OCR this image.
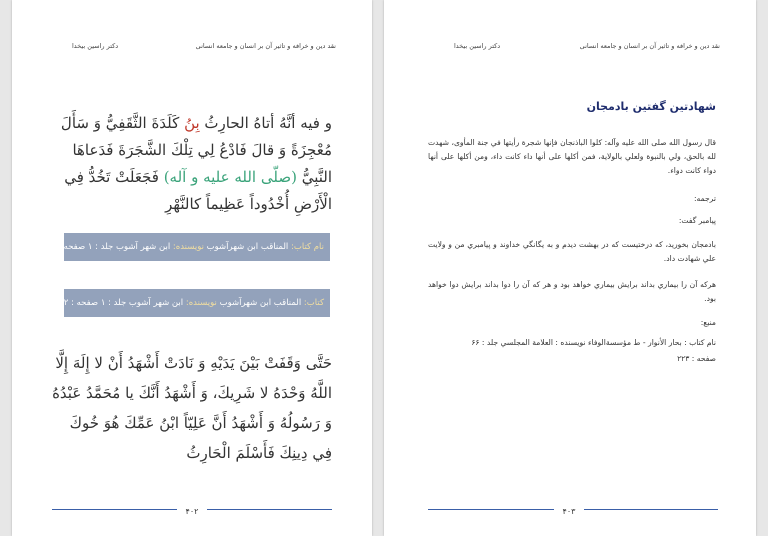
نقد دين و خرافه و تاثير آن بر انسان و جامعه انسانی
دكتر راسين بيخدا
و فيه أنَّهُ أتاهُ الحارِثُ بِنُ كَلَدَةَ الثَّقَفِيُّ وَ سَأَلَ مُعْجِزَةً وَ قالَ فَادْعُ لِي تِلْكَ الشَّجَرَةَ فَدَعاهَا النَّبِيُّ (صلّى الله عليه و آله) فَجَعَلَتْ تَخُدُّ فِي الْأَرْضِ أُخْدُوداً عَظِيماً كالنَّهْرِ
نام کتاب: المناقب ابن شهرآشوب نويسنده: ابن شهر آشوب جلد : ۱ صفحه : ۹۲
کتاب: المناقب ابن شهرآشوب نويسنده: ابن شهر آشوب جلد : ۱ صفحه : ۹۲
حَتَّى وَقَفَتْ بَيْنَ يَدَيْهِ وَ نَادَتْ أَشْهَدُ أَنْ لا إِلَهَ إِلَّا اللَّهُ وَحْدَهُ لا شَرِيكَ، وَ أَشْهَدُ أَنَّكَ يا مُحَمَّدُ عَبْدُهُ وَ رَسُولُهُ وَ أَشْهَدُ أَنَّ عَلِيّاً ابْنُ عَمِّكَ هُوَ خُوكَ فِي دِينِكَ فَأَسْلَمَ الْحَارِثُ
۴۰۲
نقد دين و خرافه و تاثير آن بر انسان و جامعه انسانی
دكتر راسين بيخدا
شهادتین گفتین بادمجان
قال رسول الله صلى الله عليه وآله: كلوا الباذنجان فإنها شجرة رأيتها في جنة المأوى، شهدت لله بالحق، ولي بالنبوة ولعلي بالولاية، فمن أكلها على أنها داء كانت داء، ومن أكلها على أنها دواء كانت دواء.
ترجمه:
پیامبر گفت:
بادمجان بخوريد، كه درختيست كه در بهشت ديدم و به يگانگي خداوند و پيامبري من و ولايت علي شهادت داد.
هركه آن را بيماري بداند برايش بيماري خواهد بود و هر كه آن را دوا بداند برايش دوا خواهد بود.
منبع:
نام کتاب : بحار الأنوار - ط مؤسسةالوفاء نويسنده : العلامة المجلسي جلد : ۶۶
صفحه : ۲۲۳
۴۰۳
